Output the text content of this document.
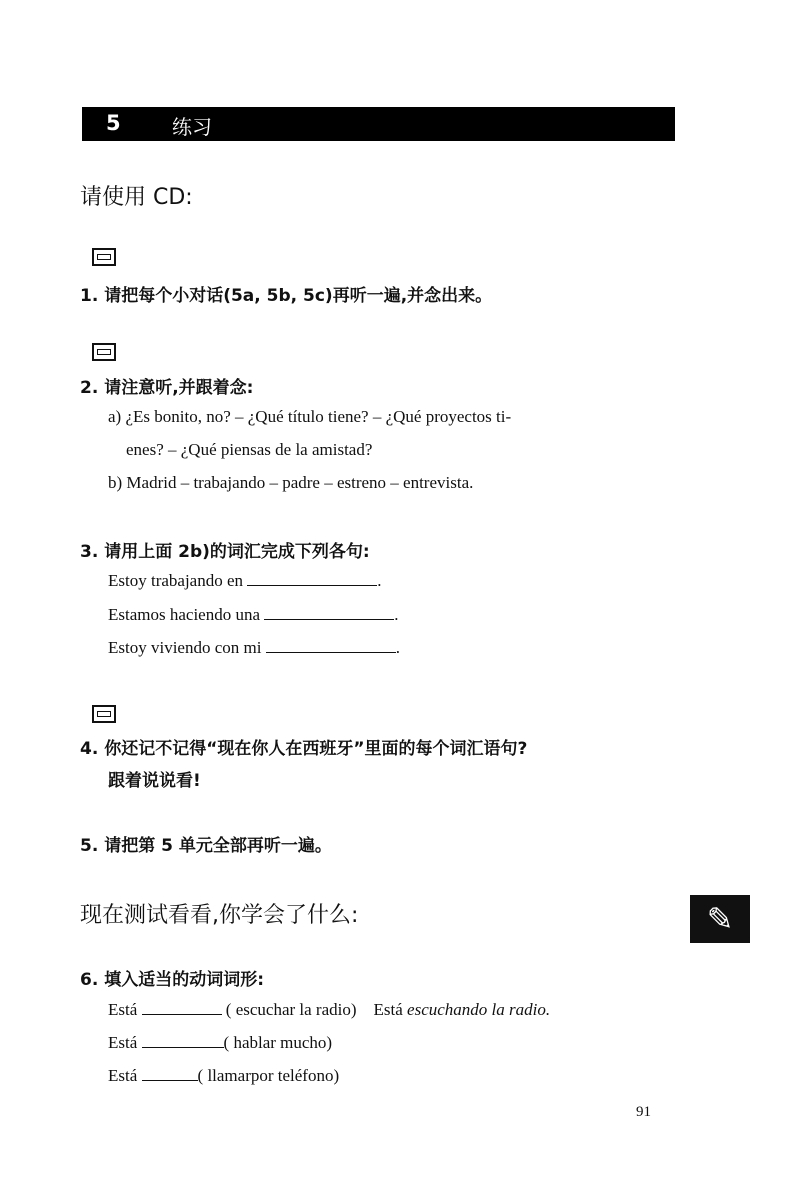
5	练习
请使用 CD:
1. 请把每个小对话(5a, 5b, 5c)再听一遍,并念出来。
2. 请注意听,并跟着念:
a) ¿Es bonito, no? – ¿Qué título tiene? – ¿Qué proyectos ti-
enes? – ¿Qué piensas de la amistad?
b) Madrid – trabajando – padre – estreno – entrevista.
3. 请用上面 2b)的词汇完成下列各句:
Estoy trabajando en	.
Estamos haciendo una	.
Estoy viviendo con mi	.
4. 你还记不记得“现在你人在西班牙”里面的每个词汇语句?
跟着说说看!
5. 请把第 5 单元全部再听一遍。
现在测试看看,你学会了什么:	✎
6. 填入适当的动词词形:
Está	( escuchar la radio) Está escuchando la radio.
Está	( hablar mucho)
Está	( llamarpor teléfono)
91
